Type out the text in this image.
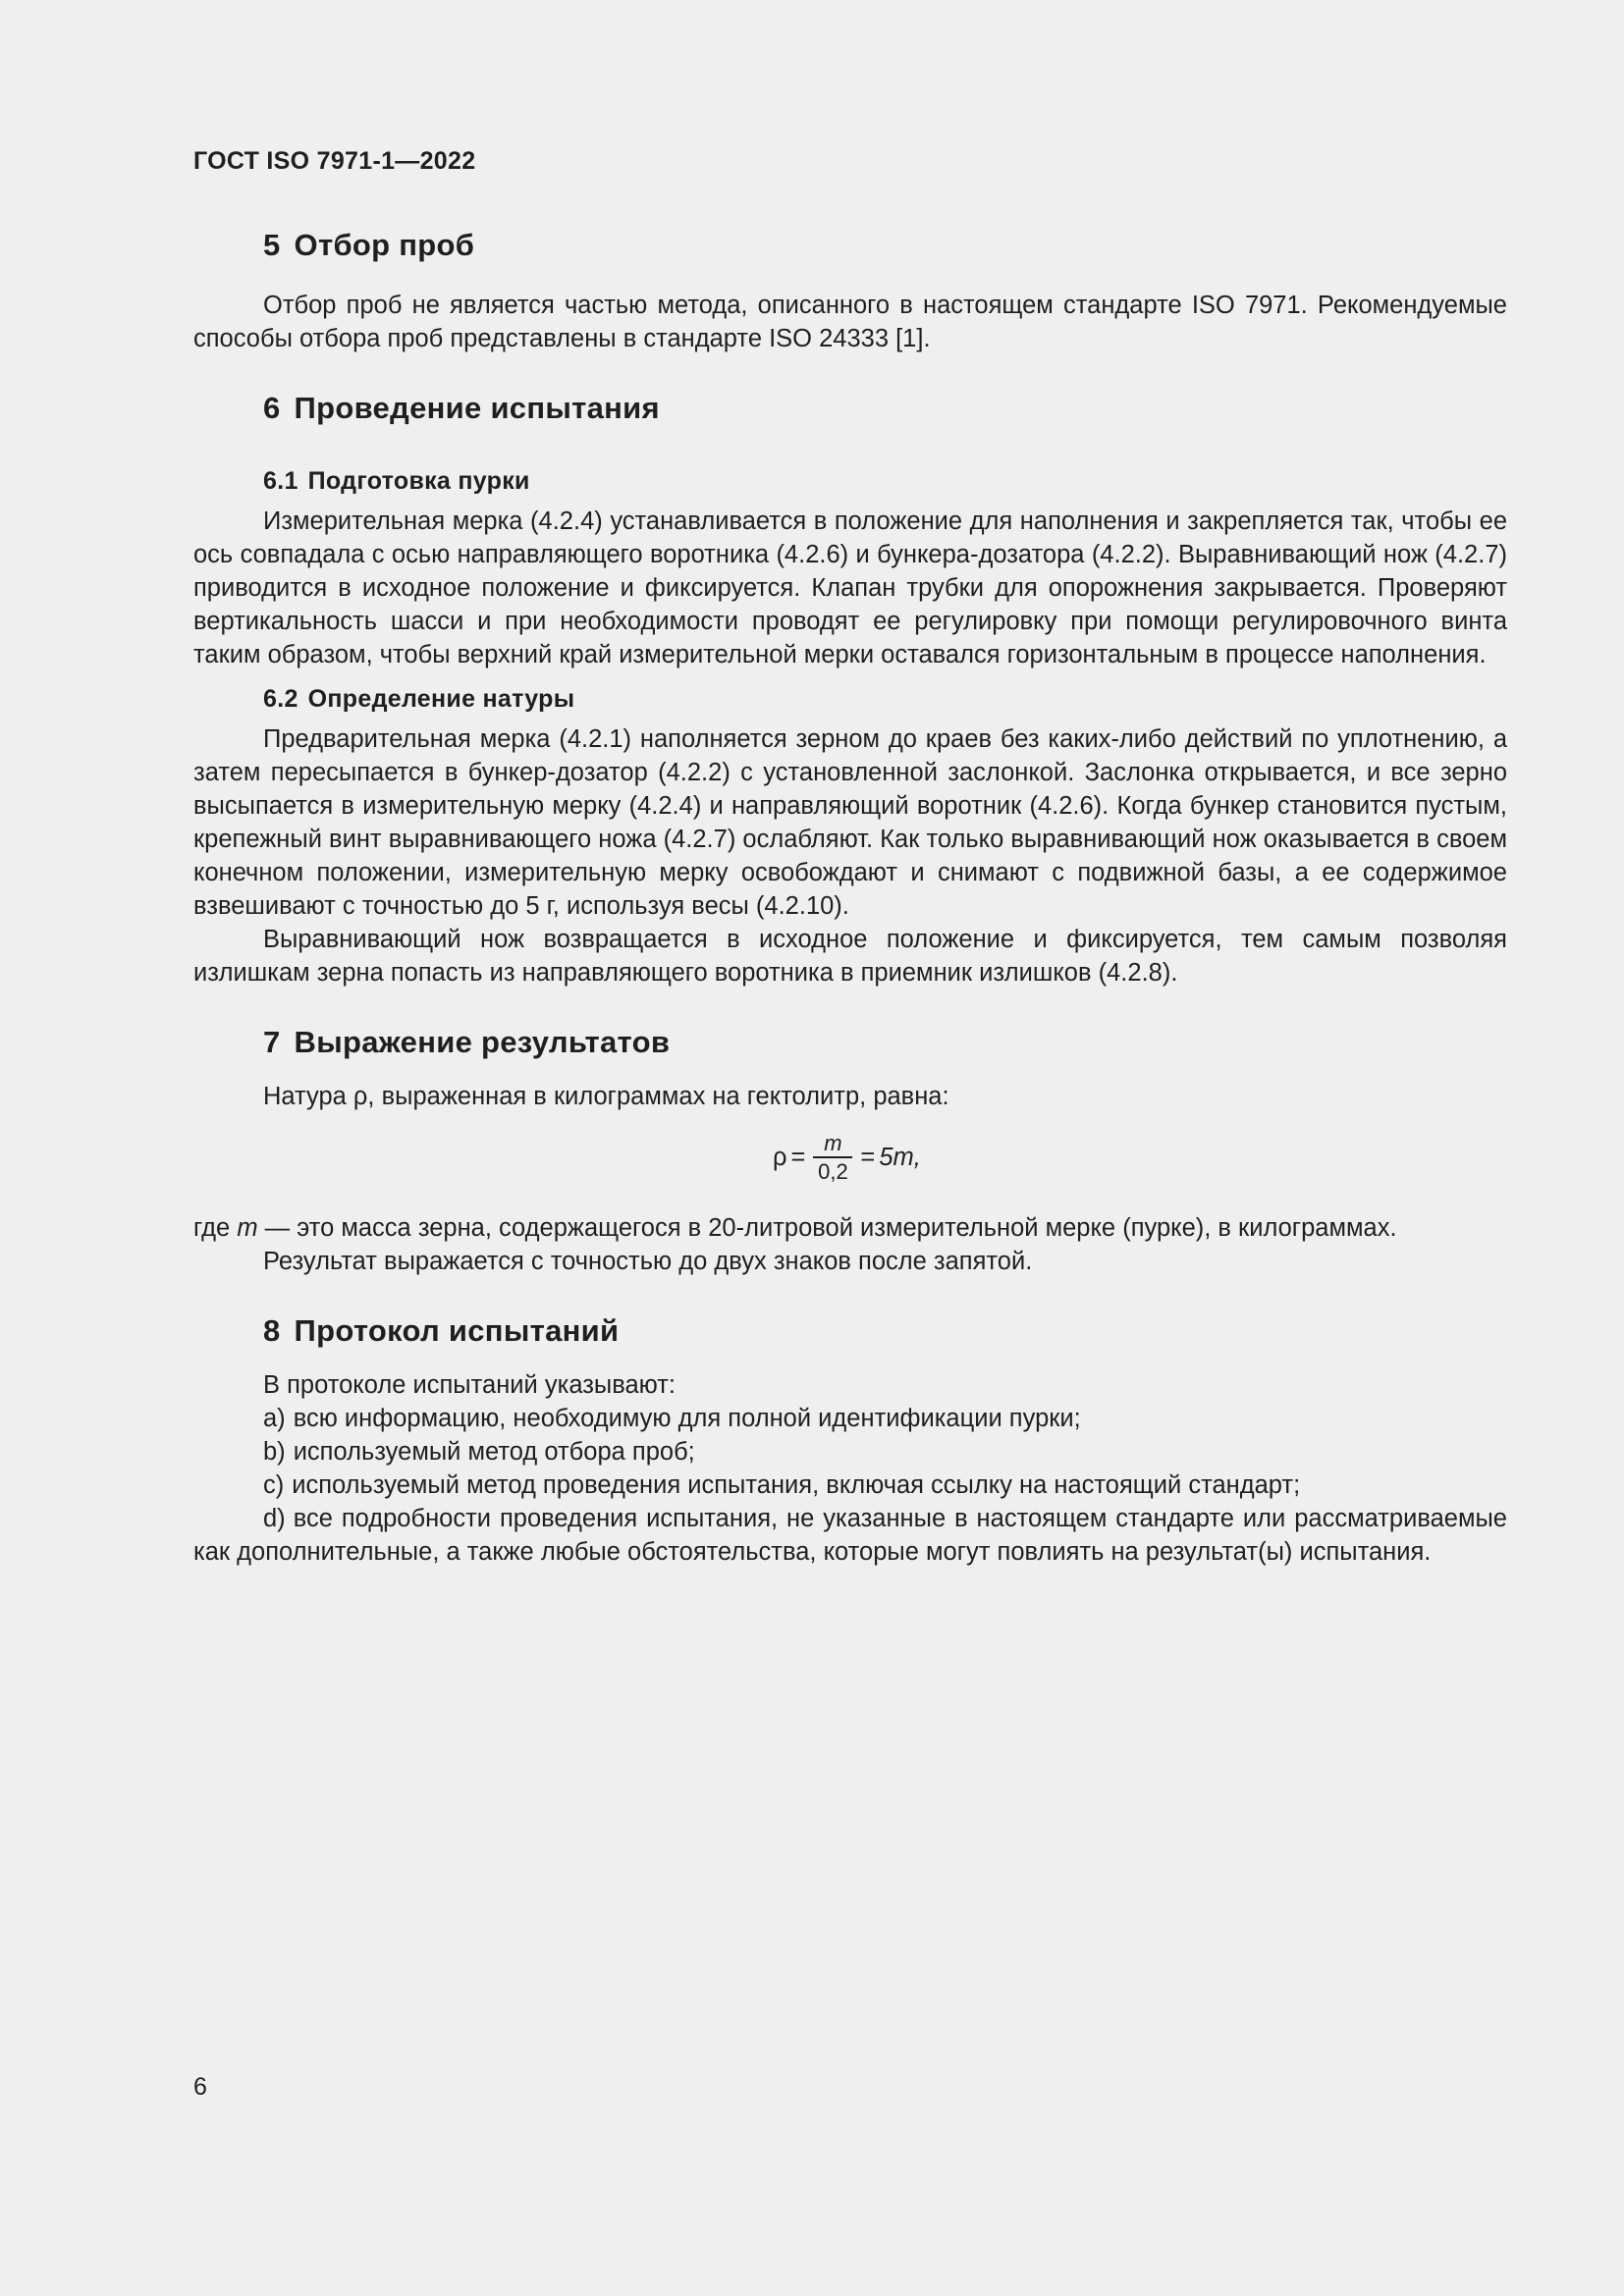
ГОСТ ISO 7971-1—2022
5 Отбор проб

Отбор проб не является частью метода, описанного в настоящем стандарте ISO 7971. Рекомендуемые способы отбора проб представлены в стандарте ISO 24333 [1].

6 Проведение испытания
6.1 Подготовка пурки

Измерительная мерка (4.2.4) устанавливается в положение для наполнения и закрепляется так, чтобы ее ось совпадала с осью направляющего воротника (4.2.6) и бункера-дозатора (4.2.2). Выравнивающий нож (4.2.7) приводится в исходное положение и фиксируется. Клапан трубки для опорожнения закрывается. Проверяют вертикальность шасси и при необходимости проводят ее регулировку при помощи регулировочного винта таким образом, чтобы верхний край измерительной мерки оставался горизонтальным в процессе наполнения.

6.2 Определение натуры

Предварительная мерка (4.2.1) наполняется зерном до краев без каких-либо действий по уплотнению, а затем пересыпается в бункер-дозатор (4.2.2) с установленной заслонкой. Заслонка открывается, и все зерно высыпается в измерительную мерку (4.2.4) и направляющий воротник (4.2.6). Когда бункер становится пустым, крепежный винт выравнивающего ножа (4.2.7) ослабляют. Как только выравнивающий нож оказывается в своем конечном положении, измерительную мерку освобождают и снимают с подвижной базы, а ее содержимое взвешивают с точностью до 5 г, используя весы (4.2.10).

Выравнивающий нож возвращается в исходное положение и фиксируется, тем самым позволяя излишкам зерна попасть из направляющего воротника в приемник излишков (4.2.8).

7 Выражение результатов

Натура ρ, выраженная в килограммах на гектолитр, равна:

$\rho = \frac{m}{0,2} = 5m$,

где m — это масса зерна, содержащегося в 20-литровой измерительной мерке (пурке), в килограммах.

Результат выражается с точностью до двух знаков после запятой.

8 Протокол испытаний

В протоколе испытаний указывают:

a) всю информацию, необходимую для полной идентификации пурки;

b) используемый метод отбора проб;

c) используемый метод проведения испытания, включая ссылку на настоящий стандарт;

d) все подробности проведения испытания, не указанные в настоящем стандарте или рассматриваемые как дополнительные, а также любые обстоятельства, которые могут повлиять на результат(ы) испытания.

6
